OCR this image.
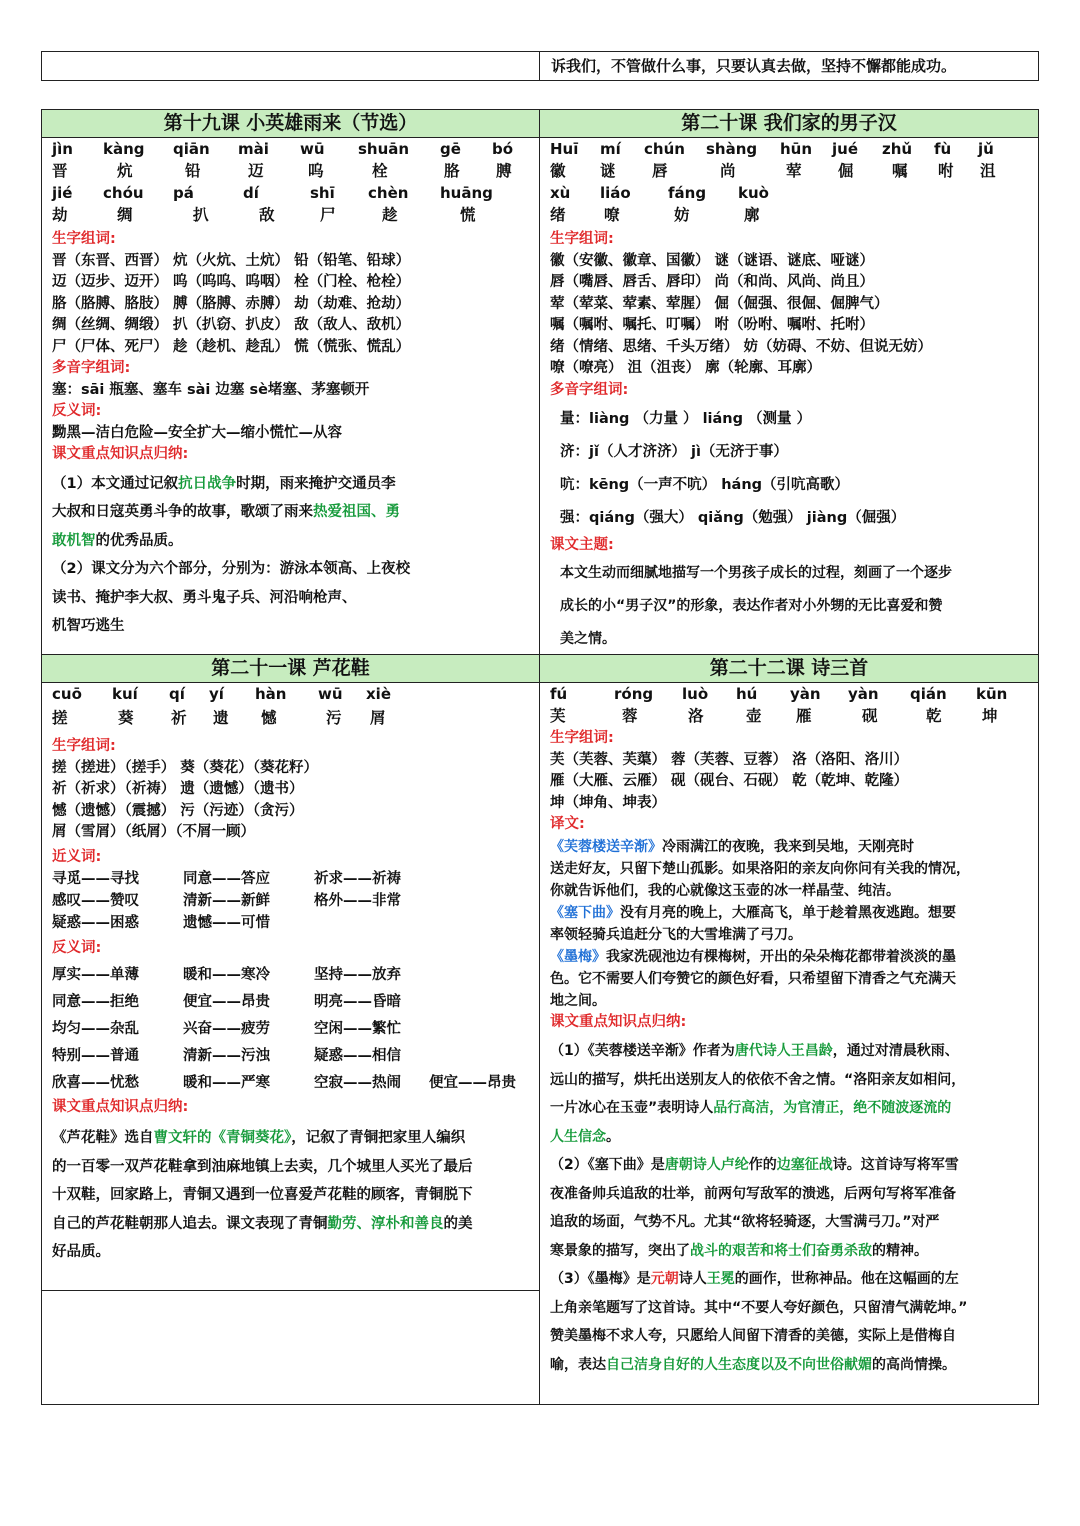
诉我们，不管做什么事，只要认真去做，坚持不懈都能成功。
第十九课 小英雄雨来（节选）	第二十课 我们家的男子汉
第二十一课 芦花鞋	第二十二课 诗三首
jìn	kàng	qiān	mài	wū	shuān	gē	bó
晋	炕	铅	迈	呜	栓	胳	膊
jié	chóu	pá	dí	shī	chèn	huāng
劫	绸	扒	敌	尸	趁	慌
生字组词:
晋（东晋、西晋） 炕（火炕、土炕） 铅（铅笔、铅球）
迈（迈步、迈开） 呜（呜呜、呜咽） 栓（门栓、枪栓）
胳（胳膊、胳肢） 膊（胳膊、赤膊） 劫（劫难、抢劫）
绸（丝绸、绸缎） 扒（扒窃、扒皮） 敌（敌人、敌机）
尸（尸体、死尸） 趁（趁机、趁乱） 慌（慌张、慌乱）
多音字组词:
塞：sāi 瓶塞、塞车 sài 边塞 sè堵塞、茅塞顿开
反义词:
黝黑—洁白危险—安全扩大—缩小慌忙—从容
课文重点知识点归纳:
（1）本文通过记叙抗日战争时期，雨来掩护交通员李
大叔和日寇英勇斗争的故事，歌颂了雨来热爱祖国、勇
敢机智的优秀品质。
（2）课文分为六个部分，分别为：游泳本领高、上夜校
读书、掩护李大叔、勇斗鬼子兵、河沿响枪声、
机智巧逃生
Huī	mí	chún	shàng	hūn	jué	zhǔ	fù	jǔ
徽	谜	唇	尚	荤	倔	嘱	咐	沮
xù	liáo	fáng	kuò
绪	嘹	妨	廓
生字组词:
徽（安徽、徽章、国徽） 谜（谜语、谜底、哑谜）
唇（嘴唇、唇舌、唇印） 尚（和尚、风尚、尚且）
荤（荤菜、荤素、荤腥） 倔（倔强、很倔、倔脾气）
嘱（嘱咐、嘱托、叮嘱） 咐（吩咐、嘱咐、托咐）
绪（情绪、思绪、千头万绪） 妨（妨碍、不妨、但说无妨）
嘹（嘹亮） 沮（沮丧） 廓（轮廓、耳廓）
多音字组词:
量：liàng （力量 ） liáng （测量 ）
济：jǐ（人才济济） jì（无济于事）
吭：kēng（一声不吭） háng（引吭高歌）
强：qiáng（强大） qiǎng（勉强） jiàng（倔强）
课文主题:
本文生动而细腻地描写一个男孩子成长的过程，刻画了一个逐步
成长的小“男子汉”的形象，表达作者对小外甥的无比喜爱和赞
美之情。
cuō	kuí	qí	yí	hàn	wū	xiè
搓	葵	祈	遗	憾	污	屑
生字组词:
搓（搓进）（搓手） 葵（葵花）（葵花籽）
祈（祈求）（祈祷） 遗（遗憾）（遗书）
憾（遗憾）（震撼） 污（污迹）（贪污）
屑（雪屑）（纸屑）（不屑一顾）
近义词:
寻觅——寻找	同意——答应	祈求——祈祷
感叹——赞叹	清新——新鲜	格外——非常
疑惑——困惑	遗憾——可惜
反义词:
厚实——单薄	暖和——寒冷	坚持——放弃
同意——拒绝	便宜——昂贵	明亮——昏暗
均匀——杂乱	兴奋——疲劳	空闲——繁忙
特别——普通	清新——污浊	疑惑——相信
欣喜——忧愁	暖和——严寒	空寂——热闹	便宜——昂贵
课文重点知识点归纳:
《芦花鞋》选自曹文轩的《青铜葵花》，记叙了青铜把家里人编织
的一百零一双芦花鞋拿到油麻地镇上去卖，几个城里人买光了最后
十双鞋，回家路上，青铜又遇到一位喜爱芦花鞋的顾客，青铜脱下
自己的芦花鞋朝那人追去。课文表现了青铜勤劳、淳朴和善良的美
好品质。
fú	róng	luò	hú	yàn	yàn	qián	kūn
芙	蓉	洛	壶	雁	砚	乾	坤
生字组词:
芙（芙蓉、芙蕖） 蓉（芙蓉、豆蓉） 洛（洛阳、洛川）
雁（大雁、云雁） 砚（砚台、石砚） 乾（乾坤、乾隆）
坤（坤角、坤表）
译文:
《芙蓉楼送辛渐》冷雨满江的夜晚，我来到吴地，天刚亮时
送走好友，只留下楚山孤影。如果洛阳的亲友向你问有关我的情况，
你就告诉他们，我的心就像这玉壶的冰一样晶莹、纯洁。
《塞下曲》没有月亮的晚上，大雁高飞，单于趁着黑夜逃跑。想要
率领轻骑兵追赶分飞的大雪堆满了弓刀。
《墨梅》我家洗砚池边有棵梅树，开出的朵朵梅花都带着淡淡的墨
色。它不需要人们夸赞它的颜色好看，只希望留下清香之气充满天
地之间。
课文重点知识点归纳:
（1）《芙蓉楼送辛渐》作者为唐代诗人王昌龄，通过对清晨秋雨、
远山的描写，烘托出送别友人的依依不舍之情。“洛阳亲友如相问，
一片冰心在玉壶”表明诗人品行高洁，为官清正，绝不随波逐流的
人生信念。
（2）《塞下曲》是唐朝诗人卢纶作的边塞征战诗。这首诗写将军雪
夜准备帅兵追敌的壮举，前两句写敌军的溃逃，后两句写将军准备
追敌的场面，气势不凡。尤其“欲将轻骑逐，大雪满弓刀。”对严
寒景象的描写，突出了战斗的艰苦和将士们奋勇杀敌的精神。
（3）《墨梅》是元朝诗人王冕的画作，世称神品。他在这幅画的左
上角亲笔题写了这首诗。其中“不要人夸好颜色，只留清气满乾坤。”
赞美墨梅不求人夸，只愿给人间留下清香的美德，实际上是借梅自
喻，表达自己洁身自好的人生态度以及不向世俗献媚的高尚情操。
